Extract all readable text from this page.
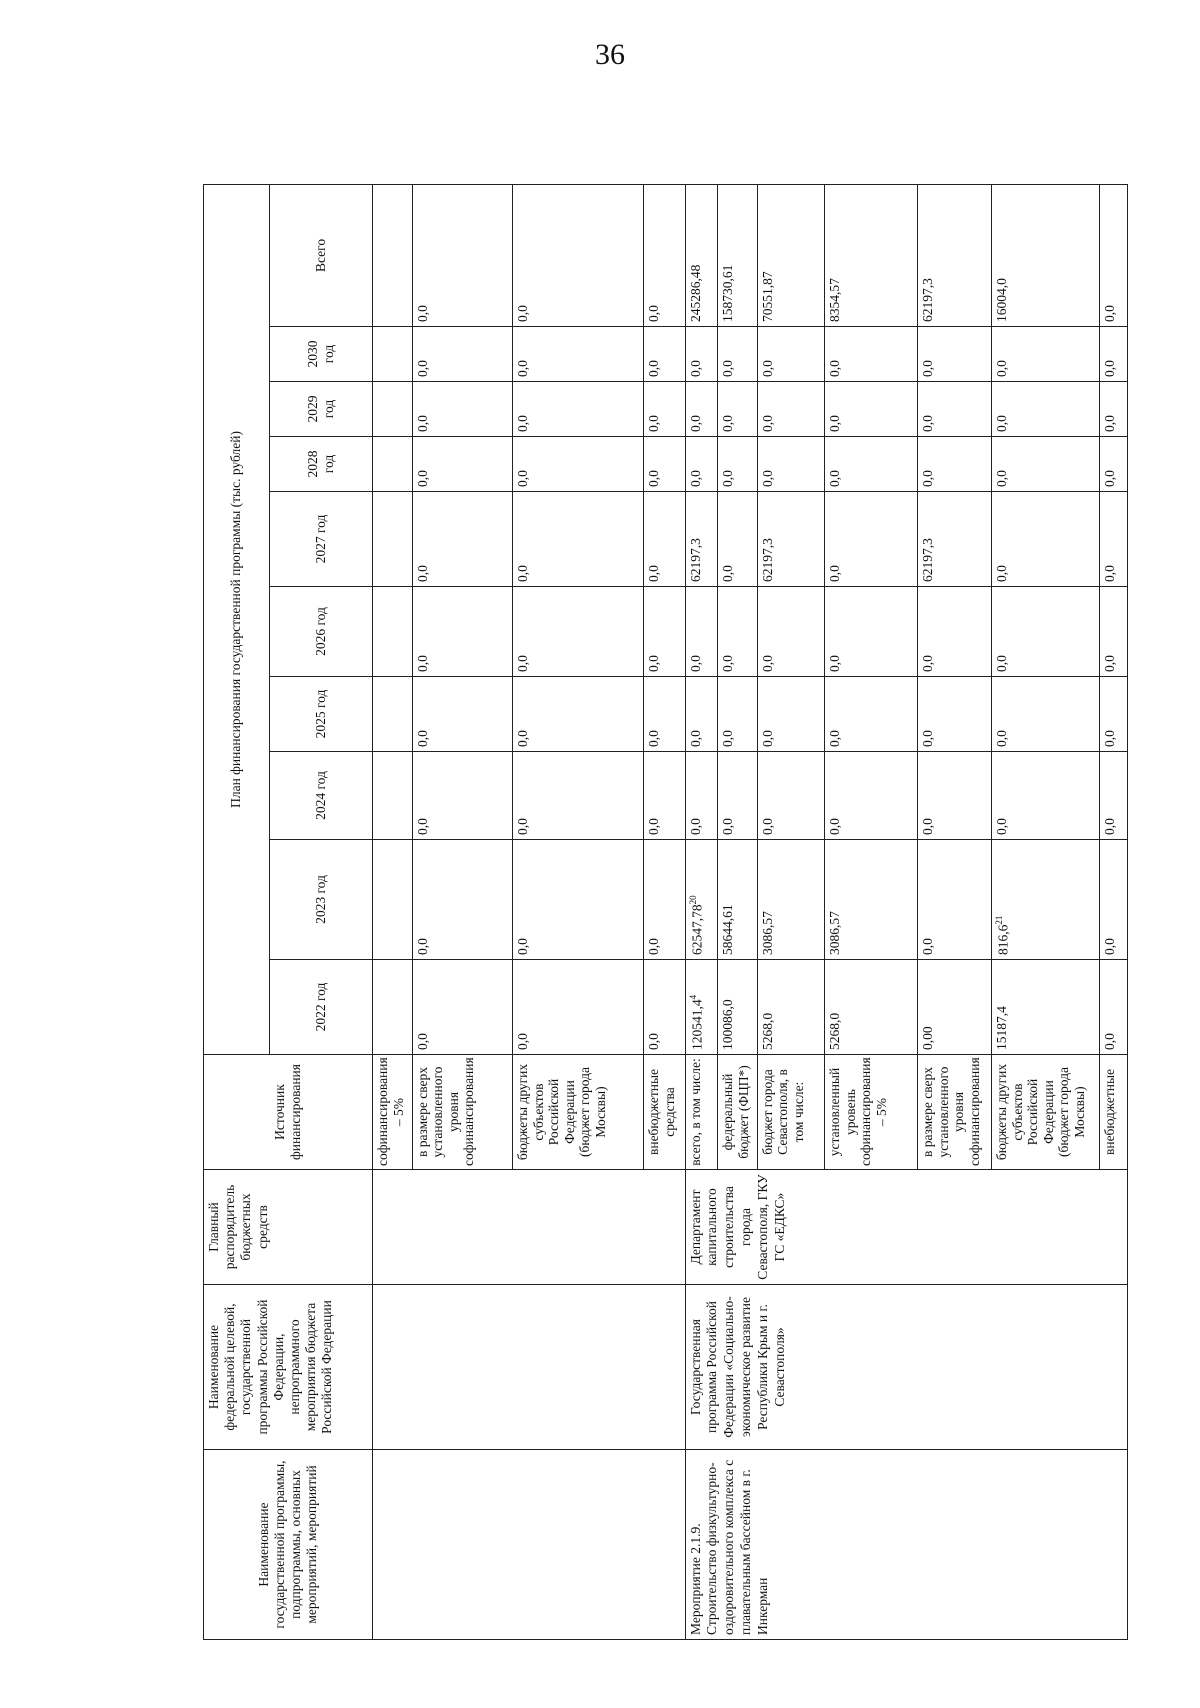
36
Наименование государственной программы, подпрограммы, основных мероприятий, мероприятий	Наименование федеральной целевой, государственной программы Российской Федерации, непрограммного мероприятия бюджета Российской Федерации	Главный распорядитель бюджетных средств	Источник финансирования	План финансирования государственной программы (тыс. рублей)									
				2022 год	2023 год	2024 год	2025 год	2026 год	2027 год	2028 год	2029 год	2030 год	Всего
			софинансирования – 5%										
			в размере сверх установленного уровня софинансирования	0,0	0,0	0,0	0,0	0,0	0,0	0,0	0,0	0,0	0,0
			бюджеты других субъектов Российской Федерации (бюджет города Москвы)	0,0	0,0	0,0	0,0	0,0	0,0	0,0	0,0	0,0	0,0
			внебюджетные средства	0,0	0,0	0,0	0,0	0,0	0,0	0,0	0,0	0,0	0,0
Мероприятие 2.1.9. Строительство физкультурно-оздоровительного комплекса с плавательным бассейном в г. Инкерман	Государственная программа Российской Федерации «Социально-экономическое развитие Республики Крым и г. Севастополя»	Департамент капитального строительства города Севастополя, ГКУ ГС «ЕДКС»	всего, в том числе:	120541,4$^4$	62547,78$^{20}$	0,0	0,0	0,0	62197,3	0,0	0,0	0,0	245286,48
			федеральный бюджет (ФЦП*)	100086,0	58644,61	0,0	0,0	0,0	0,0	0,0	0,0	0,0	158730,61
			бюджет города Севастополя, в том числе:	5268,0	3086,57	0,0	0,0	0,0	62197,3	0,0	0,0	0,0	70551,87
			установленный уровень софинансирования – 5%	5268,0	3086,57	0,0	0,0	0,0	0,0	0,0	0,0	0,0	8354,57
			в размере сверх установленного уровня софинансирования	0,00	0,0	0,0	0,0	0,0	62197,3	0,0	0,0	0,0	62197,3
			бюджеты других субъектов Российской Федерации (бюджет города Москвы)	15187,4	816,6$^{21}$	0,0	0,0	0,0	0,0	0,0	0,0	0,0	16004,0
			внебюджетные	0,0	0,0	0,0	0,0	0,0	0,0	0,0	0,0	0,0	0,0
